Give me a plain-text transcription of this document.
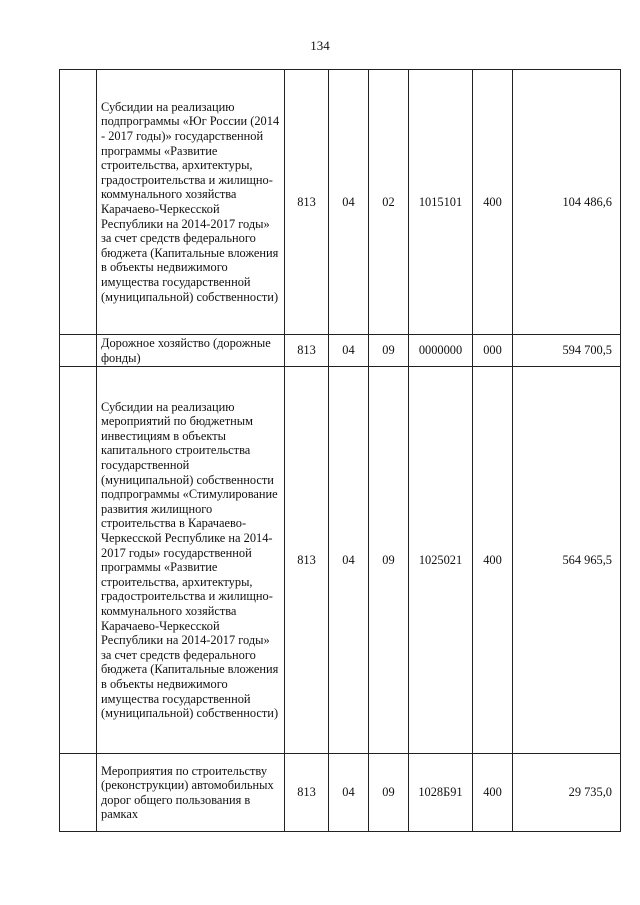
134
	Субсидии на реализацию подпрограммы «Юг России (2014 - 2017 годы)» государственной программы «Развитие строительства, архитектуры, градостроительства и жилищно-коммунального хозяйства Карачаево-Черкесской Республики на 2014-2017 годы» за счет средств федерального бюджета (Капитальные вложения в объекты недвижимого имущества государственной (муниципальной) собственности)	813	04	02	1015101	400	104 486,6
	Дорожное хозяйство (дорожные фонды)	813	04	09	0000000	000	594 700,5
	Субсидии на реализацию мероприятий по бюджетным инвестициям в объекты капитального строительства государственной (муниципальной) собственности подпрограммы «Стимулирование развития жилищного строительства в Карачаево-Черкесской Республике на 2014-2017 годы» государственной программы «Развитие строительства, архитектуры, градостроительства и жилищно-коммунального хозяйства Карачаево-Черкесской Республики на 2014-2017 годы» за счет средств федерального бюджета (Капитальные вложения в объекты недвижимого имущества государственной (муниципальной) собственности)	813	04	09	1025021	400	564 965,5
	Мероприятия по строительству (реконструкции) автомобильных дорог общего пользования в рамках	813	04	09	1028Б91	400	29 735,0
